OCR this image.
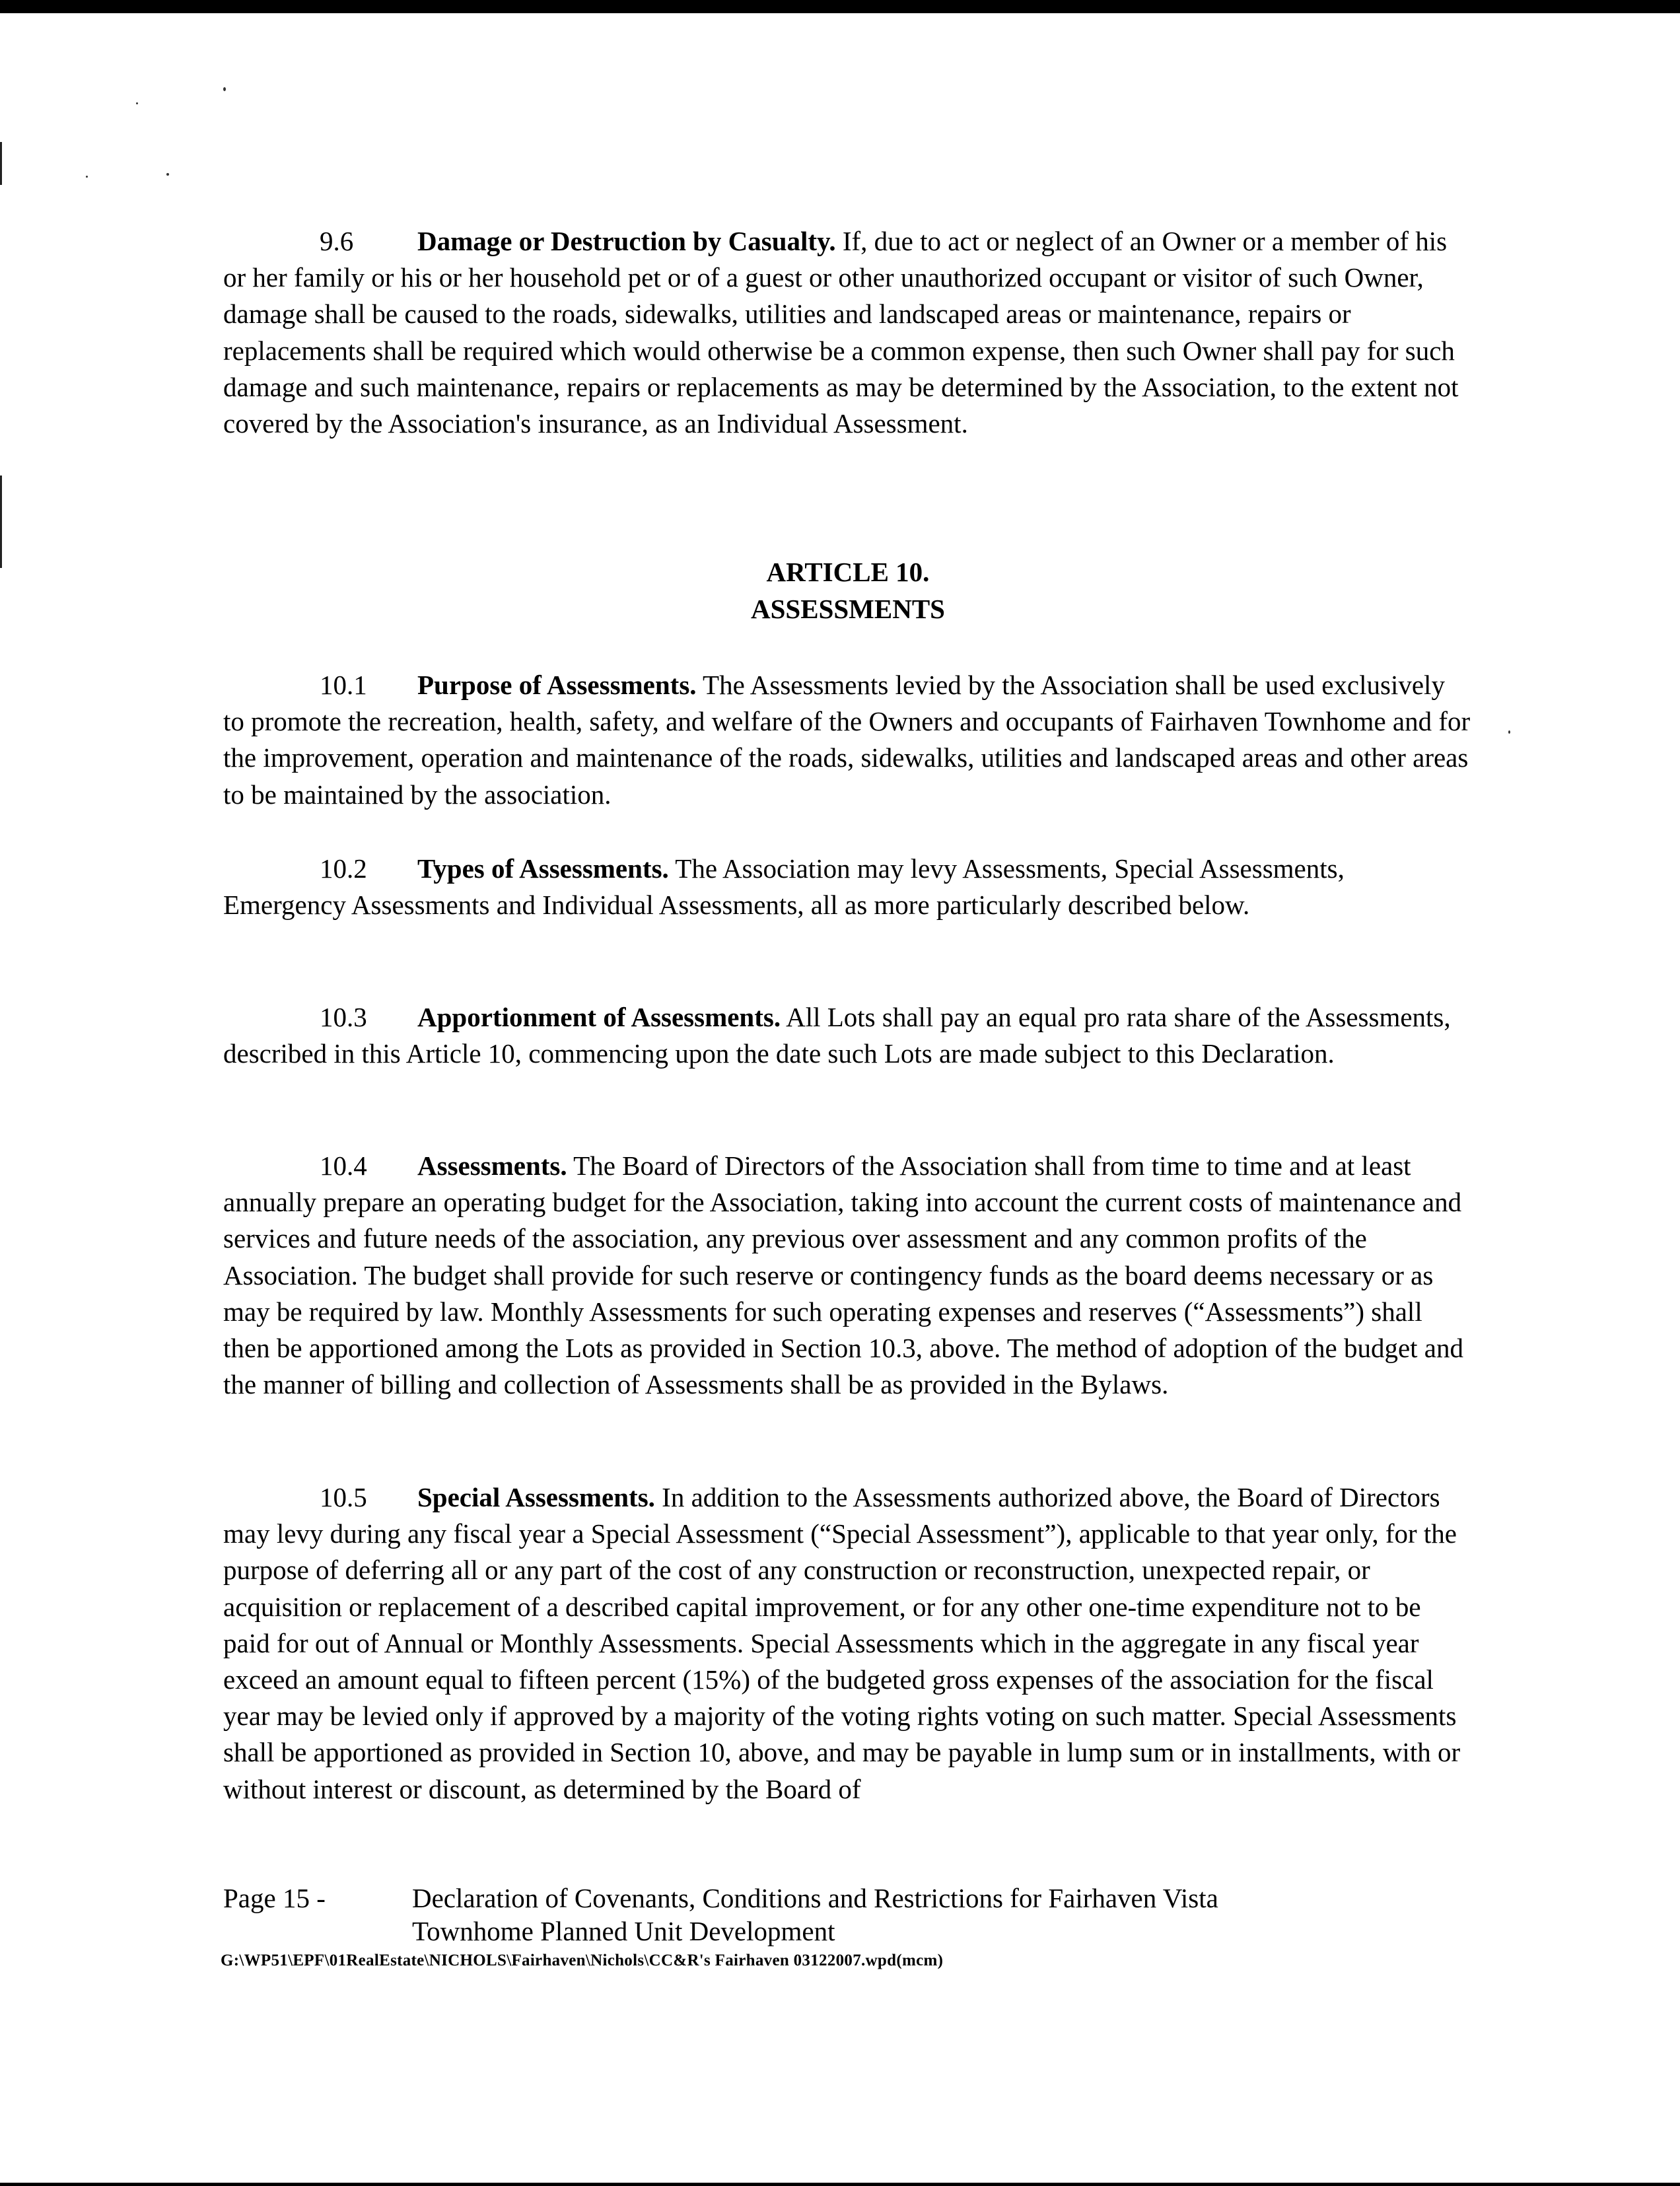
9.6 Damage or Destruction by Casualty. If, due to act or neglect of an Owner or a member of his or her family or his or her household pet or of a guest or other unauthorized occupant or visitor of such Owner, damage shall be caused to the roads, sidewalks, utilities and landscaped areas or maintenance, repairs or replacements shall be required which would otherwise be a common expense, then such Owner shall pay for such damage and such maintenance, repairs or replacements as may be determined by the Association, to the extent not covered by the Association's insurance, as an Individual Assessment.

ARTICLE 10.
ASSESSMENTS

10.1 Purpose of Assessments. The Assessments levied by the Association shall be used exclusively to promote the recreation, health, safety, and welfare of the Owners and occupants of Fairhaven Townhome and for the improvement, operation and maintenance of the roads, sidewalks, utilities and landscaped areas and other areas to be maintained by the association.

10.2 Types of Assessments. The Association may levy Assessments, Special Assessments, Emergency Assessments and Individual Assessments, all as more particularly described below.

10.3 Apportionment of Assessments. All Lots shall pay an equal pro rata share of the Assessments, described in this Article 10, commencing upon the date such Lots are made subject to this Declaration.

10.4 Assessments. The Board of Directors of the Association shall from time to time and at least annually prepare an operating budget for the Association, taking into account the current costs of maintenance and services and future needs of the association, any previous over assessment and any common profits of the Association. The budget shall provide for such reserve or contingency funds as the board deems necessary or as may be required by law. Monthly Assessments for such operating expenses and reserves (“Assessments”) shall then be apportioned among the Lots as provided in Section 10.3, above. The method of adoption of the budget and the manner of billing and collection of Assessments shall be as provided in the Bylaws.

10.5 Special Assessments. In addition to the Assessments authorized above, the Board of Directors may levy during any fiscal year a Special Assessment (“Special Assessment”), applicable to that year only, for the purpose of deferring all or any part of the cost of any construction or reconstruction, unexpected repair, or acquisition or replacement of a described capital improvement, or for any other one-time expenditure not to be paid for out of Annual or Monthly Assessments. Special Assessments which in the aggregate in any fiscal year exceed an amount equal to fifteen percent (15%) of the budgeted gross expenses of the association for the fiscal year may be levied only if approved by a majority of the voting rights voting on such matter. Special Assessments shall be apportioned as provided in Section 10, above, and may be payable in lump sum or in installments, with or without interest or discount, as determined by the Board of

Page 15 -	Declaration of Covenants, Conditions and Restrictions for Fairhaven Vista
Townhome Planned Unit Development
G:\WP51\EPF\01RealEstate\NICHOLS\Fairhaven\Nichols\CC&R's Fairhaven 03122007.wpd(mcm)
